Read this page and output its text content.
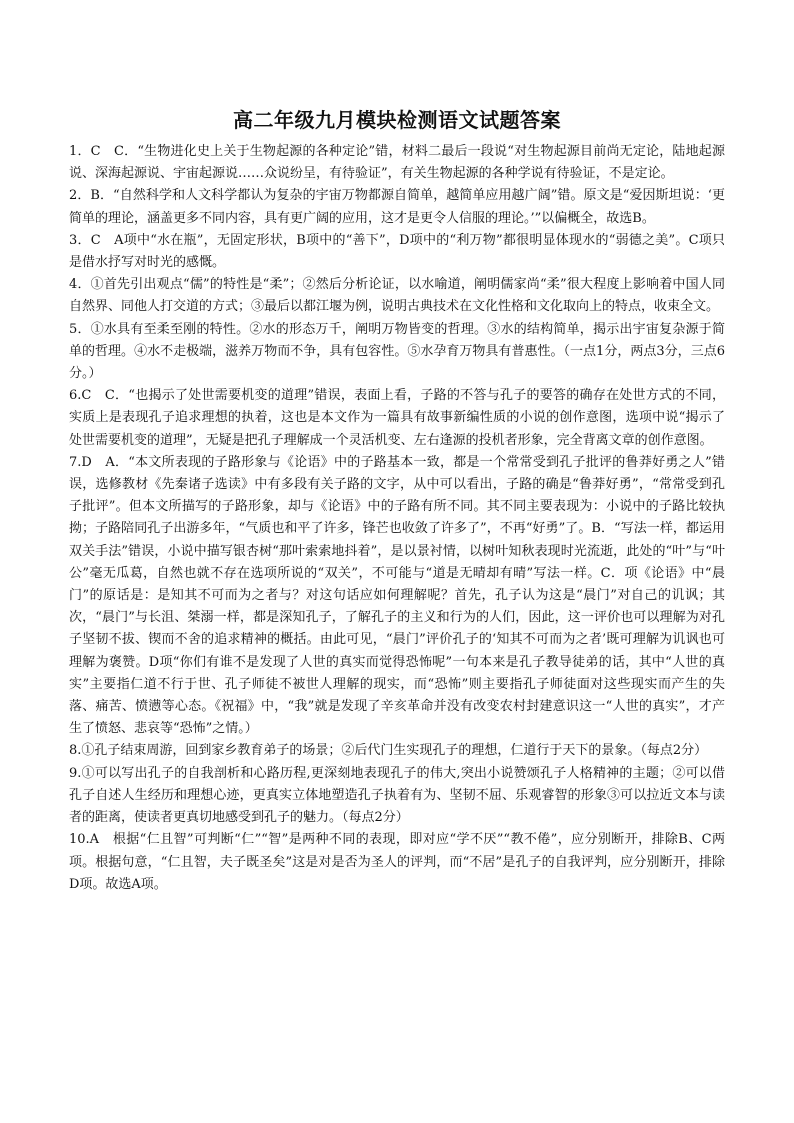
高二年级九月模块检测语文试题答案

1．C　C．“生物进化史上关于生物起源的各种定论”错，材料二最后一段说“对生物起源目前尚无定论，陆地起源说、深海起源说、宇宙起源说……众说纷呈，有待验证”，有关生物起源的各种学说有待验证，不是定论。

2．B．“自然科学和人文科学都认为复杂的宇宙万物都源自简单，越简单应用越广阔”错。原文是“爱因斯坦说：‘更简单的理论，涵盖更多不同内容，具有更广阔的应用，这才是更令人信服的理论。’”以偏概全，故选B。

3．C　A项中“水在瓶”，无固定形状，B项中的“善下”，D项中的“利万物”都很明显体现水的“弱德之美”。C项只是借水抒写对时光的感慨。

4．①首先引出观点“儒”的特性是“柔”；②然后分析论证，以水喻道，阐明儒家尚“柔”很大程度上影响着中国人同自然界、同他人打交道的方式；③最后以都江堰为例，说明古典技术在文化性格和文化取向上的特点，收束全文。

5．①水具有至柔至刚的特性。②水的形态万千，阐明万物皆变的哲理。③水的结构简单，揭示出宇宙复杂源于简单的哲理。④水不走极端，滋养万物而不争，具有包容性。⑤水孕育万物具有普惠性。（一点1分，两点3分，三点6分。）

6.C　C．“也揭示了处世需要机变的道理”错误，表面上看，子路的不答与孔子的要答的确存在处世方式的不同，实质上是表现孔子追求理想的执着，这也是本文作为一篇具有故事新编性质的小说的创作意图，选项中说“揭示了处世需要机变的道理”，无疑是把孔子理解成一个灵活机变、左右逢源的投机者形象，完全背离文章的创作意图。

7.D　A．“本文所表现的子路形象与《论语》中的子路基本一致，都是一个常常受到孔子批评的鲁莽好勇之人”错误，选修教材《先秦诸子选读》中有多段有关子路的文字，从中可以看出，子路的确是“鲁莽好勇”，“常常受到孔子批评”。但本文所描写的子路形象，却与《论语》中的子路有所不同。其不同主要表现为：小说中的子路比较执拗；子路陪同孔子出游多年，“气质也和平了许多，锋芒也收敛了许多了”，不再“好勇”了。B．“写法一样，都运用双关手法”错误，小说中描写银杏树“那叶索索地抖着”，是以景衬情，以树叶知秋表现时光流逝，此处的“叶”与“叶公”毫无瓜葛，自然也就不存在选项所说的“双关”，不可能与“道是无晴却有晴”写法一样。C．项《论语》中“晨门”的原话是：是知其不可而为之者与？对这句话应如何理解呢？首先，孔子认为这是“晨门”对自己的讥讽；其次，“晨门”与长沮、桀溺一样，都是深知孔子，了解孔子的主义和行为的人们，因此，这一评价也可以理解为对孔子坚韧不拔、锲而不舍的追求精神的概括。由此可见，“晨门”评价孔子的‘知其不可而为之者’既可理解为讥讽也可理解为褒赞。D项“你们有谁不是发现了人世的真实而觉得恐怖呢”一句本来是孔子教导徒弟的话，其中“人世的真实”主要指仁道不行于世、孔子师徒不被世人理解的现实，而“恐怖”则主要指孔子师徒面对这些现实而产生的失落、痛苦、愤懑等心态。《祝福》中，“我”就是发现了辛亥革命并没有改变农村封建意识这一“人世的真实”，才产生了愤怒、悲哀等“恐怖”之情。）

8.①孔子结束周游，回到家乡教育弟子的场景；②后代门生实现孔子的理想，仁道行于天下的景象。（每点2分）

9.①可以写出孔子的自我剖析和心路历程,更深刻地表现孔子的伟大,突出小说赞颂孔子人格精神的主题；②可以借孔子自述人生经历和理想心迹，更真实立体地塑造孔子执着有为、坚韧不屈、乐观睿智的形象③可以拉近文本与读者的距离，使读者更真切地感受到孔子的魅力。（每点2分）

10.A　根据“仁且智”可判断“仁”“智”是两种不同的表现，即对应“学不厌”“教不倦”，应分别断开，排除B、C两项。根据句意，“仁且智，夫子既圣矣”这是对是否为圣人的评判，而“不居”是孔子的自我评判，应分别断开，排除D项。故选A项。
